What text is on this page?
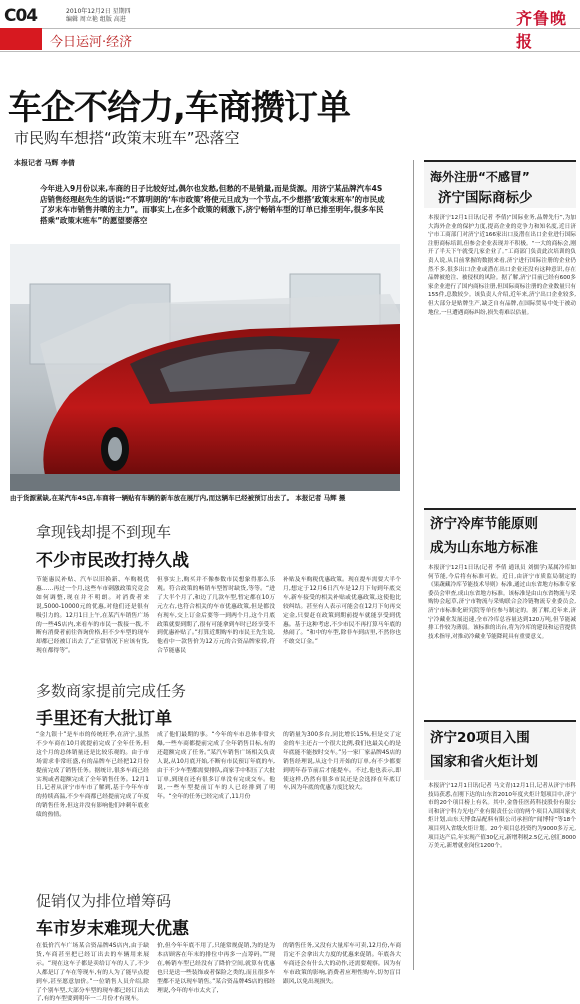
C04	2010年12月2日 星期四
编辑 周立艳 组版 高进	齐鲁晚报
今日运河·经济
车企不给力,车商攒订单
市民购车想搭“政策末班车”恐落空
本报记者 马辉 李倩
今年进入9月份以来,车商的日子比较好过,偶尔也发愁,但愁的不是销量,而是货源。用济宁某品牌汽车4S店销售经理赵先生的话说:“不算明朗的‘车市政策’将使元旦成为一个节点,不少想搭‘政策末班车’的市民成了岁末车市销售井喷的主力”。而事实上,在多个政策的刺激下,济宁畅销车型的订单已排至明年,很多车民搭乘“政策末班车”的愿望要落空
由于货源紧缺,在某汽车4S店,车商将一辆贴有车辆的新车放在展厅内,而这辆车已经被预订出去了。 本报记者 马辉 摄
拿现钱却提不到现车
不少市民改打持久战
节能惠民补贴、汽车以旧换新、车购税优惠……再过一个月,这些车市刺激政策究竟会如何调整,现在并不明朗。对消费者来说,5000-10000元的优惠,对他们还是很有吸引力的。12月1日上午,在某汽车销售广场的一些4S店内,来看车的市民一拨接一拨,不断有消费者前往咨询价格,但不少车型的现车却都已经被订出去了,“正常情况下应该有货,现在都得等”。
但事实上,购买并不像参数市民想象得那么乐观。符合政策的畅销车型暂时缺货,等等。“进了大半个月了,和边了几款车型,暂定都在10万元左右,也符合相关的车市优惠政策,但是都没有现车,交上订金后要等一到两个月,这个月底政策就要到期了,很有可能拿到车时已经享受不到优惠补贴了。”打算近期购车的市民王先生说,他看中一款售价为12万元的合资品牌家轿,符合节能惠民
补贴及车购税优惠政策。现在提车需要大半个月,想定于12月6日汽车是12月下旬到年底交车,新车接受的相关补贴或优惠政策,这使他比较纠结。甚至有人表示可能会在12月下旬再交定金,只要赶在政策到期前提车就能享受到优惠。基于这种考虑,不少市民不再打算马年底的热闹了。“和中的车型,除非车到店里,不然你也不敢交订金。”
多数商家提前完成任务
手里还有大批订单
“金九银十”是车市的传统旺季,在济宁,虽然不少车商在10月就提前完成了全年任务,但这个月的总体销量还是比较乐观的。由于市场需求非常旺盛,有的品牌车已经把12月份提前完成了销售任务。据统计,很多车商已经实现或者超额完成了全年销售任务。12月1日,记者从济宁市车市了解到,基于今年车市的持续高温,不少车商都已经提前完成了年度的销售任务,但这并没有影响他们冲刺年底业绩的热情。
成了他们最期的事。“今年的车市总体非常火爆,一些车商都提前完成了全年销售目标,有的还超额完成了任务。”某汽车销售广场相关负责人说,从10月底开始,不断有市民预订年底的车,由于不少车型都需要排队,商家手中积压了大批订单,到现在还有很多订单没有完成交车。他说,一些车型提前订车的人已经排到了明年。“全年的任务已经完成了,11月份
的销量为300多台,同比增长15%,但是交了定金的车主还占一个很大比例,我们也最关心的是年底能不能按时交车。”另一家厂家品牌4S店的销售经理说,从这个月开始的订单,有不少都要到明年春节前后才能提车。不过,他也表示,即使这样,仍然有很多市民还是会选择在年底订车,因为年底的优惠力度比较大。
促销仅为排位增筹码
车市岁末难现大优惠
在低价汽车广场某合资品牌4S店内,由于缺货,车商甚至把已经订出去的车辆用来展示。“现在这车子都是卖给订车的人了,不少人都是订了车在等现车,有的人为了能早点提到车,甚至愿意加价。”一位销售人员介绍,除了个别车型,大部分车型的现车都已经订出去了,有的车型要到明年一二月份才有现车。
价,但今年年底不用了,只能常规促销,为的是为本店顾客在年末的排位中再多一点筹码。”“现在,畅销车型已经没有了降价空间,就算有优惠也只是送一些装饰或者保险之类的,而且很多车型都不是以现车销售。”某合资品牌4S店的邢经理说,今年的车市太火了,
的销售任务,又没有大量库车可卖,12月份,车商肯定不会拿出大力度的优惠来促销。年底各大车商还会有什么大的动作,还需要观察。因为有车市政策的影响,消费者应理性购车,切勿盲目跟风,以免出现损失。
海外注册“不感冒”
济宁国际商标少
本报济宁12月1日讯(记者 李倩)“国际业务,品牌先行”,为加大海外企业的保护力度,提高企业的竞争力和知名度,近日济宁市工商部门对济宁近166家出口及潜在出口企业进行国际注册商标培训,但参会企业表现并不积极。“一大的商标会,刚开了半天下午就受几家企业了。”工商部门负责此次培训的负责人说,从目前掌握的数据来看,济宁进行国际注册的企业仍然不多,很多出口企业或潜在出口企业还没有这种意识,存在品牌被抢注、被侵权的风险。据了解,济宁目前已经有600多家企业进行了国内商标注册,但国际商标注册的企业数量只有155件,总数较少。该负责人介绍,近年来,济宁出口企业较多,但大部分是贴牌生产,缺乏自有品牌,在国际贸易中处于被动地位,一旦遭遇商标纠纷,损失将难以估量。
济宁冷库节能原则
成为山东地方标准
本报济宁12月1日讯(记者 李倩 通讯员 刘儒学)某属冷库如何节能,今后将有标准可依。近日,由济宁市质监局制定的《果蔬藏冷库节能技术导则》标准,通过山东省地方标准专家委员会审查,成山东省地方标准。该标准是由山东省物流与采购协会起草,济宁市物流与采购联合会冷链物流专业委员会,济宁市标准化研究院等单位参与制定的。据了解,近年来,济宁冷藏业发展迅速,全市冷库总容量达到120万吨,但节能减排工作较为薄弱。该标准的出台,将为冷库的建设和运营提供技术指导,对推动冷藏业节能降耗具有重要意义。
济宁20项目入围
国家和省火炬计划
本报济宁12月1日讯(记者 马文青)12月1日,记者从济宁市科技局获悉,在刚下达的山东省2010年度火炬计划项目中,济宁市的20个项目榜上有名。其中,金鲁佳医药科技股份有限公司和济宁科力光电产业有限责任公司的两个项目入围国家火炬计划,山东天博食品配料有限公司承担的“闻博特”等18个项目列入省级火炬计划。20个项目总投资约为9000多万元,项目达产后,年实现产值30亿元,新增利税2.5亿元,创汇8000万美元,新增就业岗位1200个。
